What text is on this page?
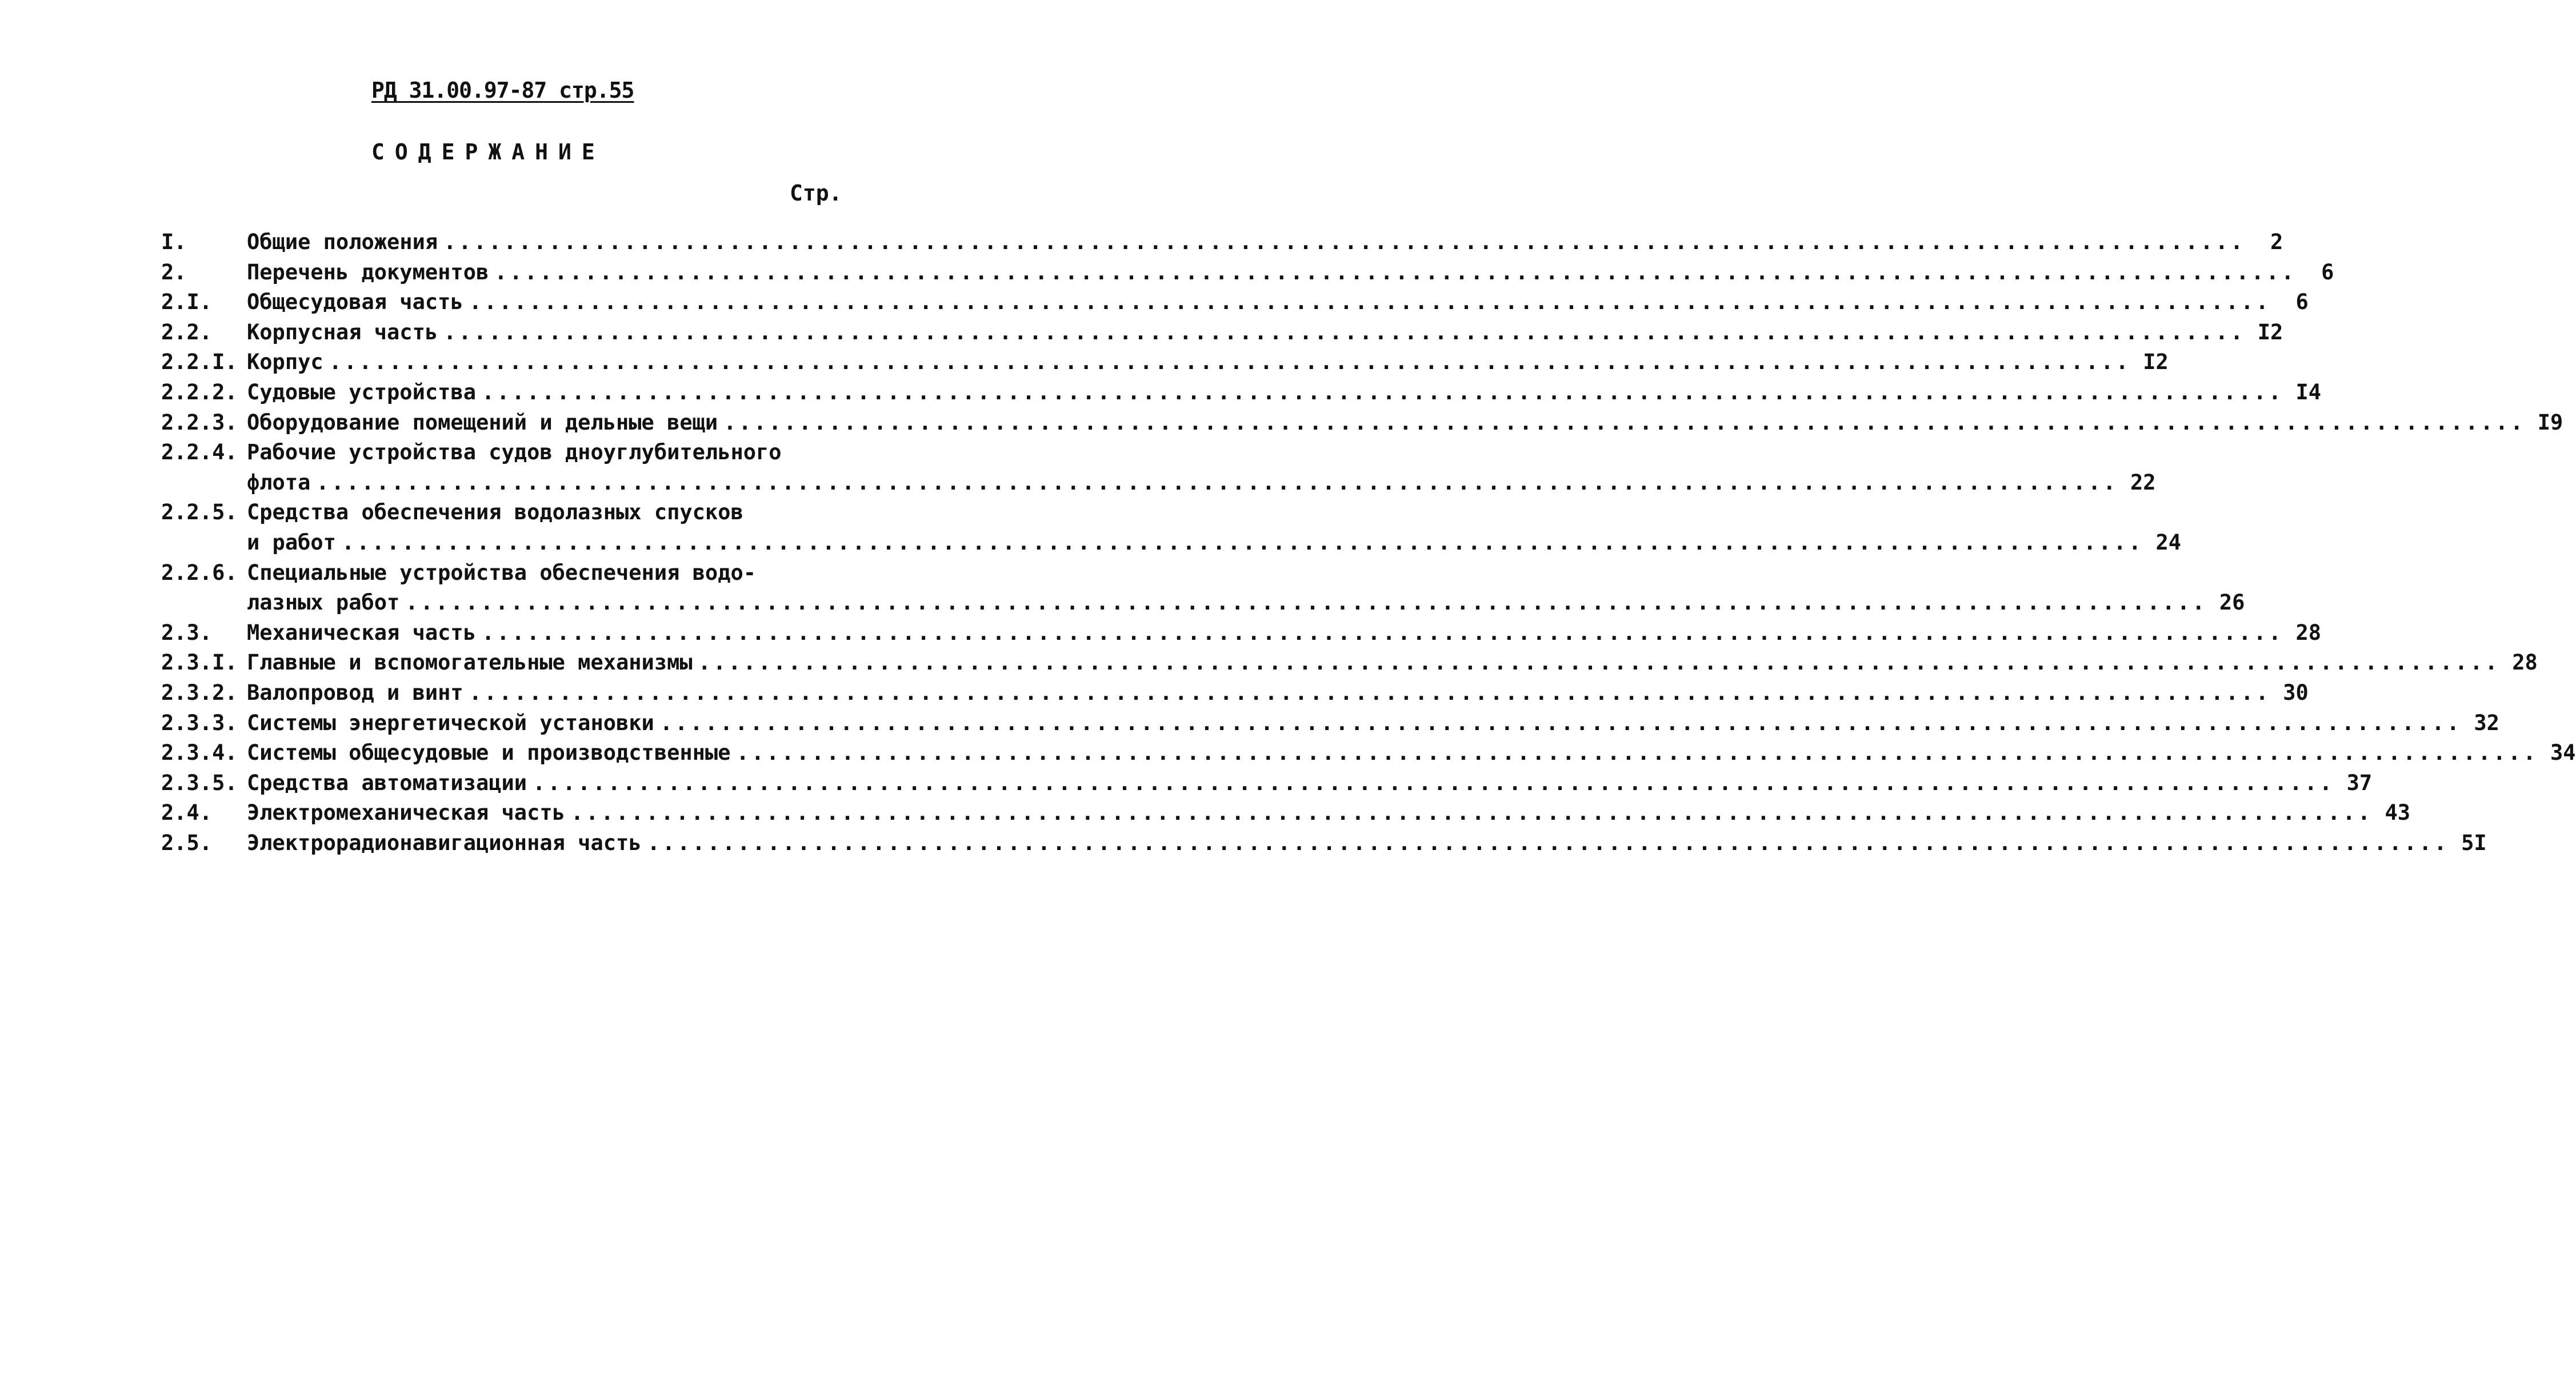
РД 31.00.97-87 стр.55
СОДЕРЖАНИЕ
Стр.
I.	Общие положения ........................................................................................................................	2
2.	Перечень документов ........................................................................................................................	6
2.I.	Общесудовая часть ........................................................................................................................	6
2.2.	Корпусная часть ........................................................................................................................ I2
2.2.I. Корпус ........................................................................................................................ I2
2.2.2. Судовые устройства ........................................................................................................................ I4
2.2.3. Оборудование помещений и дельные вещи ........................................................................................................................ I9
2.2.4. Рабочие устройства судов дноуглубительного
флота ........................................................................................................................ 22
2.2.5. Средства обеспечения водолазных спусков
и работ ........................................................................................................................ 24
2.2.6. Специальные устройства обеспечения водо-
лазных работ ........................................................................................................................ 26
2.3.	Механическая часть ........................................................................................................................ 28
2.3.I. Главные и вспомогательные механизмы ........................................................................................................................ 28
2.3.2. Валопровод и винт ........................................................................................................................ 30
2.3.3. Системы энергетической установки ........................................................................................................................ 32
2.3.4. Системы общесудовые и производственные ........................................................................................................................ 34
2.3.5. Средства автоматизации ........................................................................................................................ 37
2.4.	Электромеханическая часть ........................................................................................................................ 43
2.5.	Электрорадионавигационная часть ........................................................................................................................ 5I
